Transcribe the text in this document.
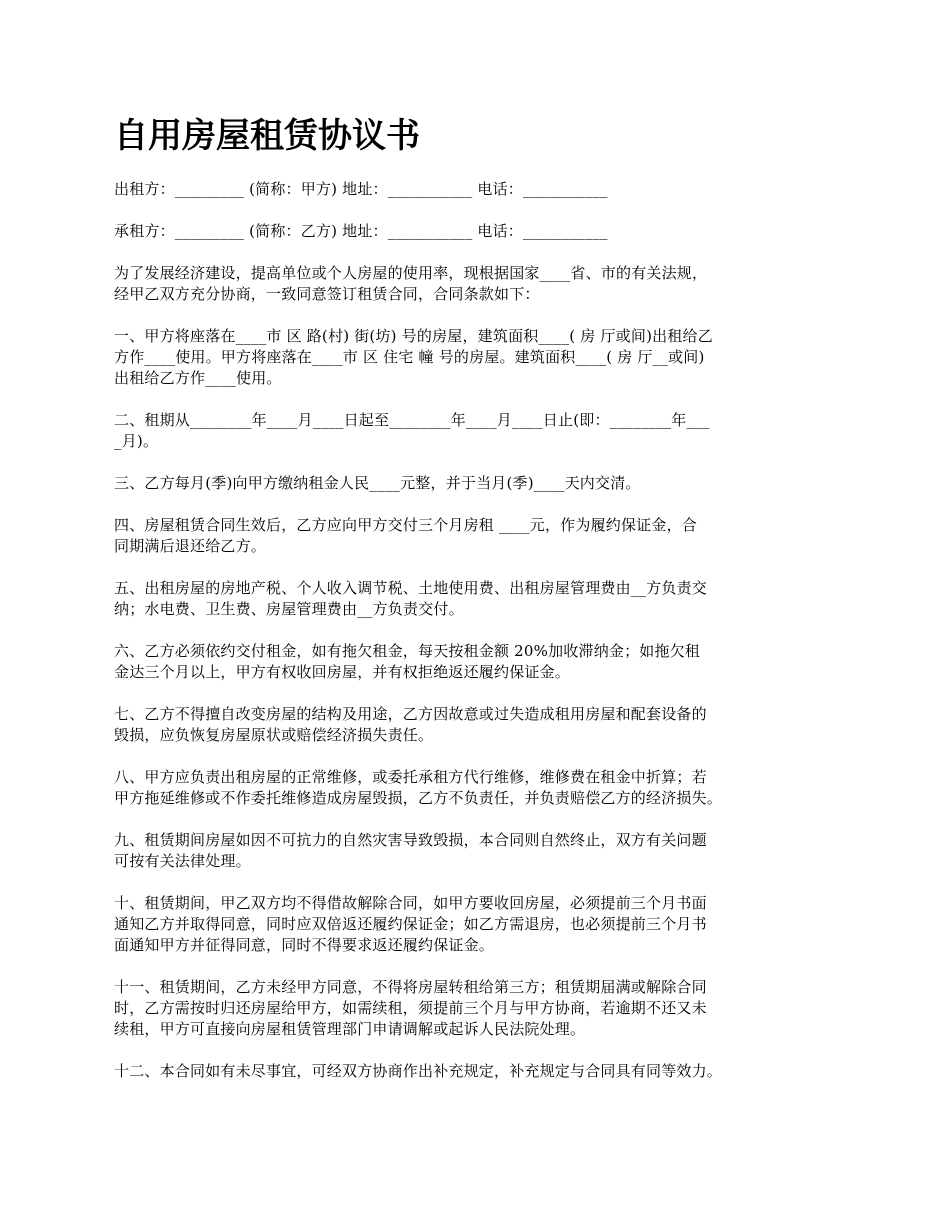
自用房屋租赁协议书

出租方：_________ (简称：甲方) 地址：___________ 电话：___________

承租方：_________ (简称：乙方) 地址：___________ 电话：___________

为了发展经济建设，提高单位或个人房屋的使用率，现根据国家____省、市的有关法规，
经甲乙双方充分协商，一致同意签订租赁合同，合同条款如下：

一、甲方将座落在____市 区 路(村) 街(坊) 号的房屋，建筑面积____( 房 厅或间)出租给乙
方作____使用。甲方将座落在____市 区 住宅 幢 号的房屋。建筑面积____( 房 厅__或间)
出租给乙方作____使用。

二、租期从________年____月____日起至________年____月____日止(即：________年___
_月)。

三、乙方每月(季)向甲方缴纳租金人民____元整，并于当月(季)____天内交清。

四、房屋租赁合同生效后，乙方应向甲方交付三个月房租 ____元，作为履约保证金，合
同期满后退还给乙方。

五、出租房屋的房地产税、个人收入调节税、土地使用费、出租房屋管理费由__方负责交
纳；水电费、卫生费、房屋管理费由__方负责交付。

六、乙方必须依约交付租金，如有拖欠租金，每天按租金额 20%加收滞纳金；如拖欠租
金达三个月以上，甲方有权收回房屋，并有权拒绝返还履约保证金。

七、乙方不得擅自改变房屋的结构及用途，乙方因故意或过失造成租用房屋和配套设备的
毁损，应负恢复房屋原状或赔偿经济损失责任。

八、甲方应负责出租房屋的正常维修，或委托承租方代行维修，维修费在租金中折算；若
甲方拖延维修或不作委托维修造成房屋毁损，乙方不负责任，并负责赔偿乙方的经济损失。

九、租赁期间房屋如因不可抗力的自然灾害导致毁损，本合同则自然终止，双方有关问题
可按有关法律处理。

十、租赁期间，甲乙双方均不得借故解除合同，如甲方要收回房屋，必须提前三个月书面
通知乙方并取得同意，同时应双倍返还履约保证金；如乙方需退房，也必须提前三个月书
面通知甲方并征得同意，同时不得要求返还履约保证金。

十一、租赁期间，乙方未经甲方同意，不得将房屋转租给第三方；租赁期届满或解除合同
时，乙方需按时归还房屋给甲方，如需续租，须提前三个月与甲方协商，若逾期不还又未
续租，甲方可直接向房屋租赁管理部门申请调解或起诉人民法院处理。

十二、本合同如有未尽事宜，可经双方协商作出补充规定，补充规定与合同具有同等效力。
